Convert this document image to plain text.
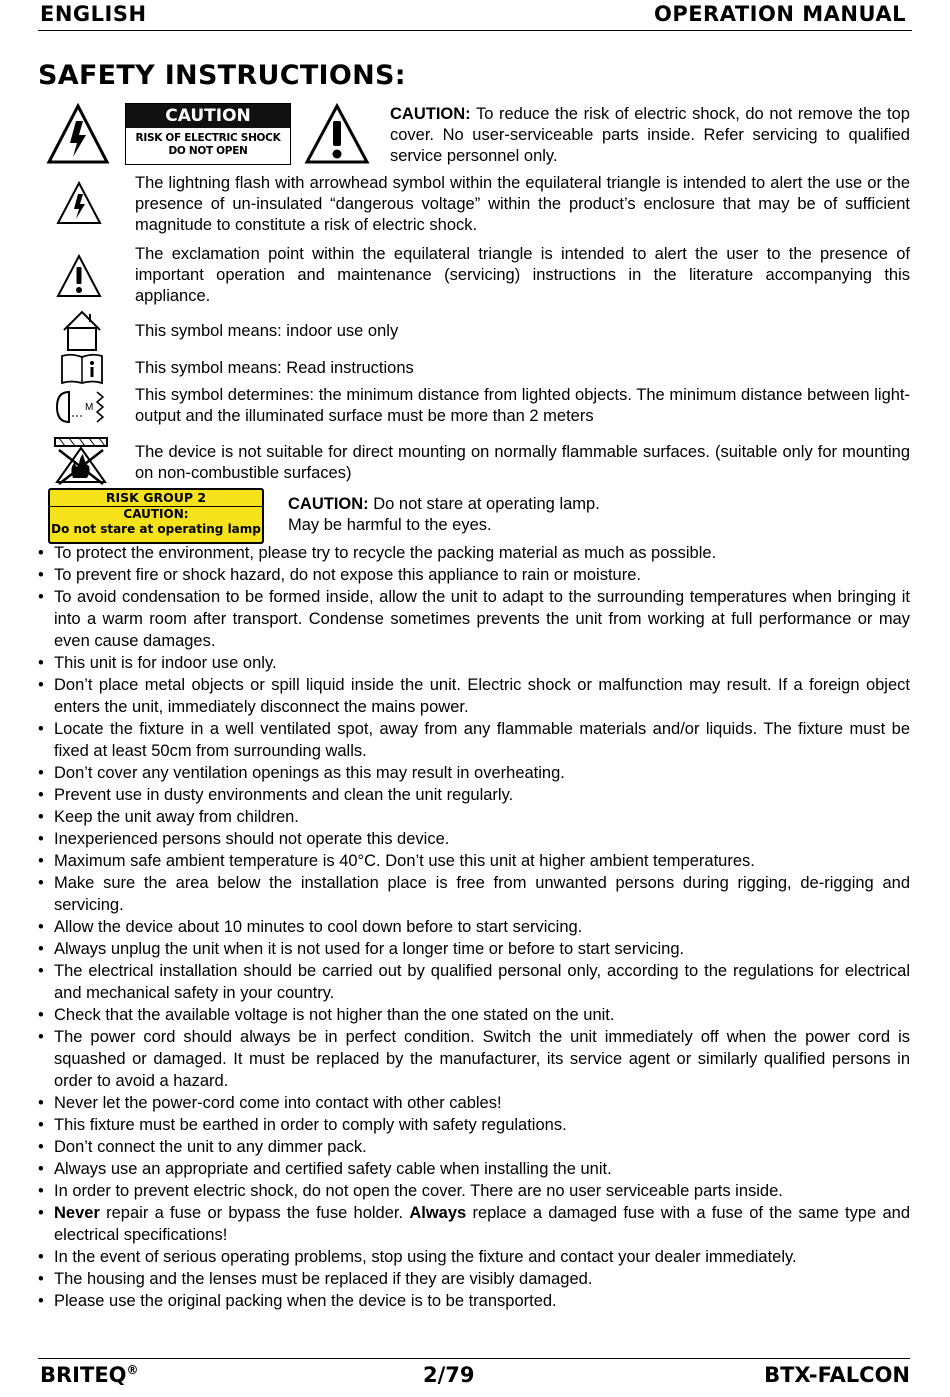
ENGLISH	OPERATION MANUAL
SAFETY INSTRUCTIONS:
CAUTION
RISK OF ELECTRIC SHOCK
DO NOT OPEN
CAUTION: To reduce the risk of electric shock, do not remove the top cover. No user-serviceable parts inside. Refer servicing to qualified service personnel only.
The lightning flash with arrowhead symbol within the equilateral triangle is intended to alert the use or the presence of un-insulated “dangerous voltage” within the product’s enclosure that may be of sufficient magnitude to constitute a risk of electric shock.
The exclamation point within the equilateral triangle is intended to alert the user to the presence of important operation and maintenance (servicing) instructions in the literature accompanying this appliance.
This symbol means: indoor use only
This symbol means: Read instructions
M
This symbol determines: the minimum distance from lighted objects. The minimum distance between light-output and the illuminated surface must be more than 2 meters
The device is not suitable for direct mounting on normally flammable surfaces. (suitable only for mounting on non-combustible surfaces)
RISK GROUP 2
CAUTION:
Do not stare at operating lamp
CAUTION: Do not stare at operating lamp.
May be harmful to the eyes.
• To protect the environment, please try to recycle the packing material as much as possible.
• To prevent fire or shock hazard, do not expose this appliance to rain or moisture.
• To avoid condensation to be formed inside, allow the unit to adapt to the surrounding temperatures when bringing it into a warm room after transport. Condense sometimes prevents the unit from working at full performance or may even cause damages.
• This unit is for indoor use only.
• Don’t place metal objects or spill liquid inside the unit. Electric shock or malfunction may result. If a foreign object enters the unit, immediately disconnect the mains power.
• Locate the fixture in a well ventilated spot, away from any flammable materials and/or liquids. The fixture must be fixed at least 50cm from surrounding walls.
• Don’t cover any ventilation openings as this may result in overheating.
• Prevent use in dusty environments and clean the unit regularly.
• Keep the unit away from children.
• Inexperienced persons should not operate this device.
• Maximum safe ambient temperature is 40°C. Don’t use this unit at higher ambient temperatures.
• Make sure the area below the installation place is free from unwanted persons during rigging, de-rigging and servicing.
• Allow the device about 10 minutes to cool down before to start servicing.
• Always unplug the unit when it is not used for a longer time or before to start servicing.
• The electrical installation should be carried out by qualified personal only, according to the regulations for electrical and mechanical safety in your country.
• Check that the available voltage is not higher than the one stated on the unit.
• The power cord should always be in perfect condition. Switch the unit immediately off when the power cord is squashed or damaged. It must be replaced by the manufacturer, its service agent or similarly qualified persons in order to avoid a hazard.
• Never let the power-cord come into contact with other cables!
• This fixture must be earthed in order to comply with safety regulations.
• Don’t connect the unit to any dimmer pack.
• Always use an appropriate and certified safety cable when installing the unit.
• In order to prevent electric shock, do not open the cover. There are no user serviceable parts inside.
• Never repair a fuse or bypass the fuse holder. Always replace a damaged fuse with a fuse of the same type and electrical specifications!
• In the event of serious operating problems, stop using the fixture and contact your dealer immediately.
• The housing and the lenses must be replaced if they are visibly damaged.
• Please use the original packing when the device is to be transported.
BRITEQ®	2/79	BTX-FALCON
